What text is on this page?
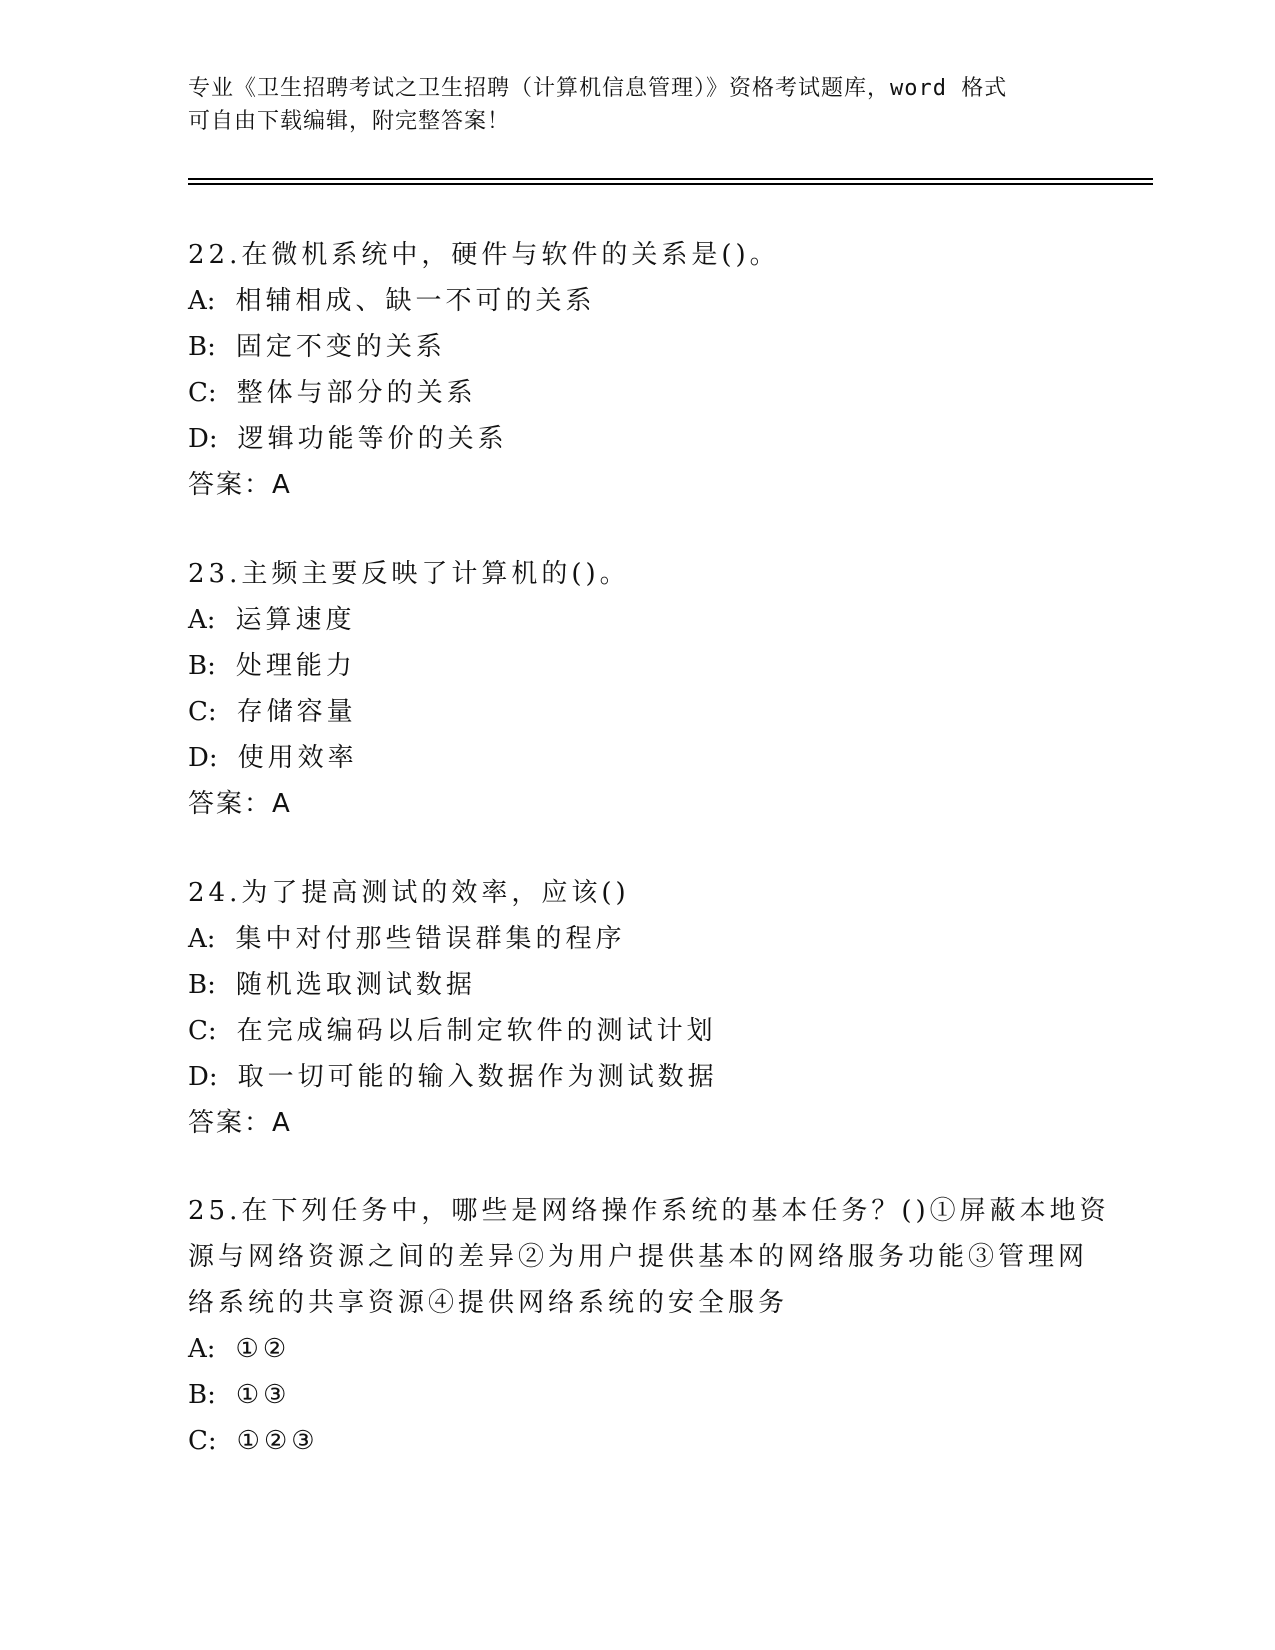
专业《卫生招聘考试之卫生招聘（计算机信息管理）》资格考试题库，word 格式
可自由下载编辑，附完整答案！
22.在微机系统中，硬件与软件的关系是()。
A: 相辅相成、缺一不可的关系
B: 固定不变的关系
C: 整体与部分的关系
D: 逻辑功能等价的关系
答案：A
23.主频主要反映了计算机的()。
A: 运算速度
B: 处理能力
C: 存储容量
D: 使用效率
答案：A
24.为了提高测试的效率，应该()
A: 集中对付那些错误群集的程序
B: 随机选取测试数据
C: 在完成编码以后制定软件的测试计划
D: 取一切可能的输入数据作为测试数据
答案：A
25.在下列任务中，哪些是网络操作系统的基本任务？()①屏蔽本地资
源与网络资源之间的差异②为用户提供基本的网络服务功能③管理网
络系统的共享资源④提供网络系统的安全服务
A: ①②
B: ①③
C: ①②③
